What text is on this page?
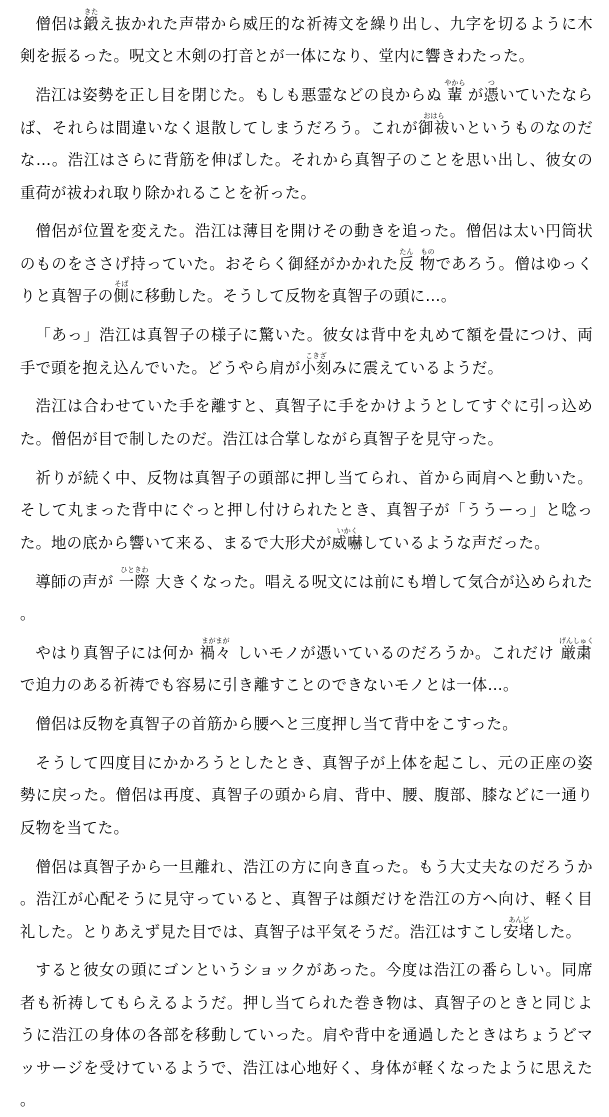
僧侶は鍛きたえ抜かれた声帯から威圧的な祈祷文を繰り出し、九字を切るように木剣を振るった。呪文と木剣の打音とが一体になり、堂内に響きわたった。

浩江は姿勢を正し目を閉じた。もしも悪霊などの良からぬ 輩やから が憑ついていたならば、それらは間違いなく退散してしまうだろう。これが御祓おはらいというものなのだな…。浩江はさらに背筋を伸ばした。それから真智子のことを思い出し、彼女の重荷が祓われ取り除かれることを祈った。

僧侶が位置を変えた。浩江は薄目を開けその動きを追った。僧侶は太い円筒状のものをささげ持っていた。おそらく御経がかかれた反たん 物ものであろう。僧はゆっくりと真智子の側そばに移動した。そうして反物を真智子の頭に…。

「あっ」浩江は真智子の様子に驚いた。彼女は背中を丸めて額を畳につけ、両手で頭を抱え込んでいた。どうやら肩が小刻こきざみに震えているようだ。

浩江は合わせていた手を離すと、真智子に手をかけようとしてすぐに引っ込めた。僧侶が目で制したのだ。浩江は合掌しながら真智子を見守った。

祈りが続く中、反物は真智子の頭部に押し当てられ、首から両肩へと動いた。そして丸まった背中にぐっと押し付けられたとき、真智子が「ううーっ」と唸った。地の底から響いて来る、まるで大形犬が威嚇いかくしているような声だった。

導師の声が 一際ひときわ 大きくなった。唱える呪文には前にも増して気合が込められた。

やはり真智子には何か 禍々まがまが しいモノが憑いているのだろうか。これだけ 厳粛げんしゅく で迫力のある祈祷でも容易に引き離すことのできないモノとは一体…。

僧侶は反物を真智子の首筋から腰へと三度押し当て背中をこすった。

そうして四度目にかかろうとしたとき、真智子が上体を起こし、元の正座の姿勢に戻った。僧侶は再度、真智子の頭から肩、背中、腰、腹部、膝などに一通り反物を当てた。

僧侶は真智子から一旦離れ、浩江の方に向き直った。もう大丈夫なのだろうか。浩江が心配そうに見守っていると、真智子は顔だけを浩江の方へ向け、軽く目礼した。とりあえず見た目では、真智子は平気そうだ。浩江はすこし安堵あんどした。

すると彼女の頭にゴンというショックがあった。今度は浩江の番らしい。同席者も祈祷してもらえるようだ。押し当てられた巻き物は、真智子のときと同じように浩江の身体の各部を移動していった。肩や背中を通過したときはちょうどマッサージを受けているようで、浩江は心地好く、身体が軽くなったように思えた。
